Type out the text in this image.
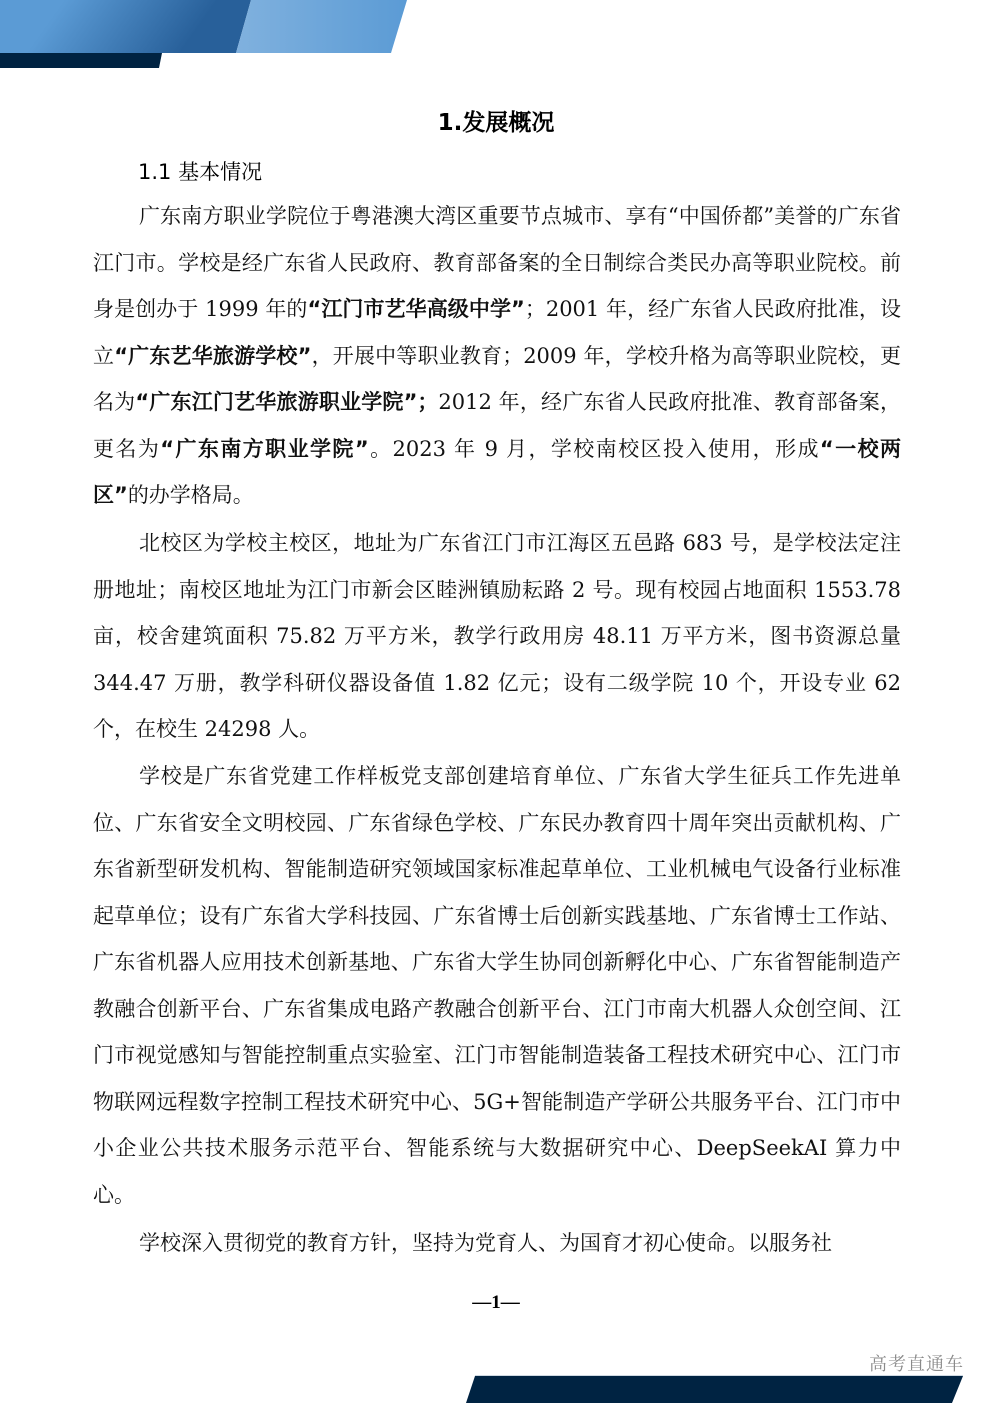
1.发展概况
1.1 基本情况

广东南方职业学院位于粤港澳大湾区重要节点城市、享有“中国侨都”美誉的广东省江门市。学校是经广东省人民政府、教育部备案的全日制综合类民办高等职业院校。前身是创办于 1999 年的“江门市艺华高级中学”；2001 年，经广东省人民政府批准，设立“广东艺华旅游学校”，开展中等职业教育；2009 年，学校升格为高等职业院校，更名为“广东江门艺华旅游职业学院”；2012 年，经广东省人民政府批准、教育部备案，更名为“广东南方职业学院”。2023 年 9 月，学校南校区投入使用，形成“一校两区”的办学格局。

北校区为学校主校区，地址为广东省江门市江海区五邑路 683 号，是学校法定注册地址；南校区地址为江门市新会区睦洲镇励耘路 2 号。现有校园占地面积 1553.78 亩，校舍建筑面积 75.82 万平方米，教学行政用房 48.11 万平方米，图书资源总量 344.47 万册，教学科研仪器设备值 1.82 亿元；设有二级学院 10 个，开设专业 62 个，在校生 24298 人。

学校是广东省党建工作样板党支部创建培育单位、广东省大学生征兵工作先进单位、广东省安全文明校园、广东省绿色学校、广东民办教育四十周年突出贡献机构、广东省新型研发机构、智能制造研究领域国家标准起草单位、工业机械电气设备行业标准起草单位；设有广东省大学科技园、广东省博士后创新实践基地、广东省博士工作站、广东省机器人应用技术创新基地、广东省大学生协同创新孵化中心、广东省智能制造产教融合创新平台、广东省集成电路产教融合创新平台、江门市南大机器人众创空间、江门市视觉感知与智能控制重点实验室、江门市智能制造装备工程技术研究中心、江门市物联网远程数字控制工程技术研究中心、5G+智能制造产学研公共服务平台、江门市中小企业公共技术服务示范平台、智能系统与大数据研究中心、DeepSeekAI 算力中心。

学校深入贯彻党的教育方针，坚持为党育人、为国育才初心使命。以服务社

—1—
高考直通车
